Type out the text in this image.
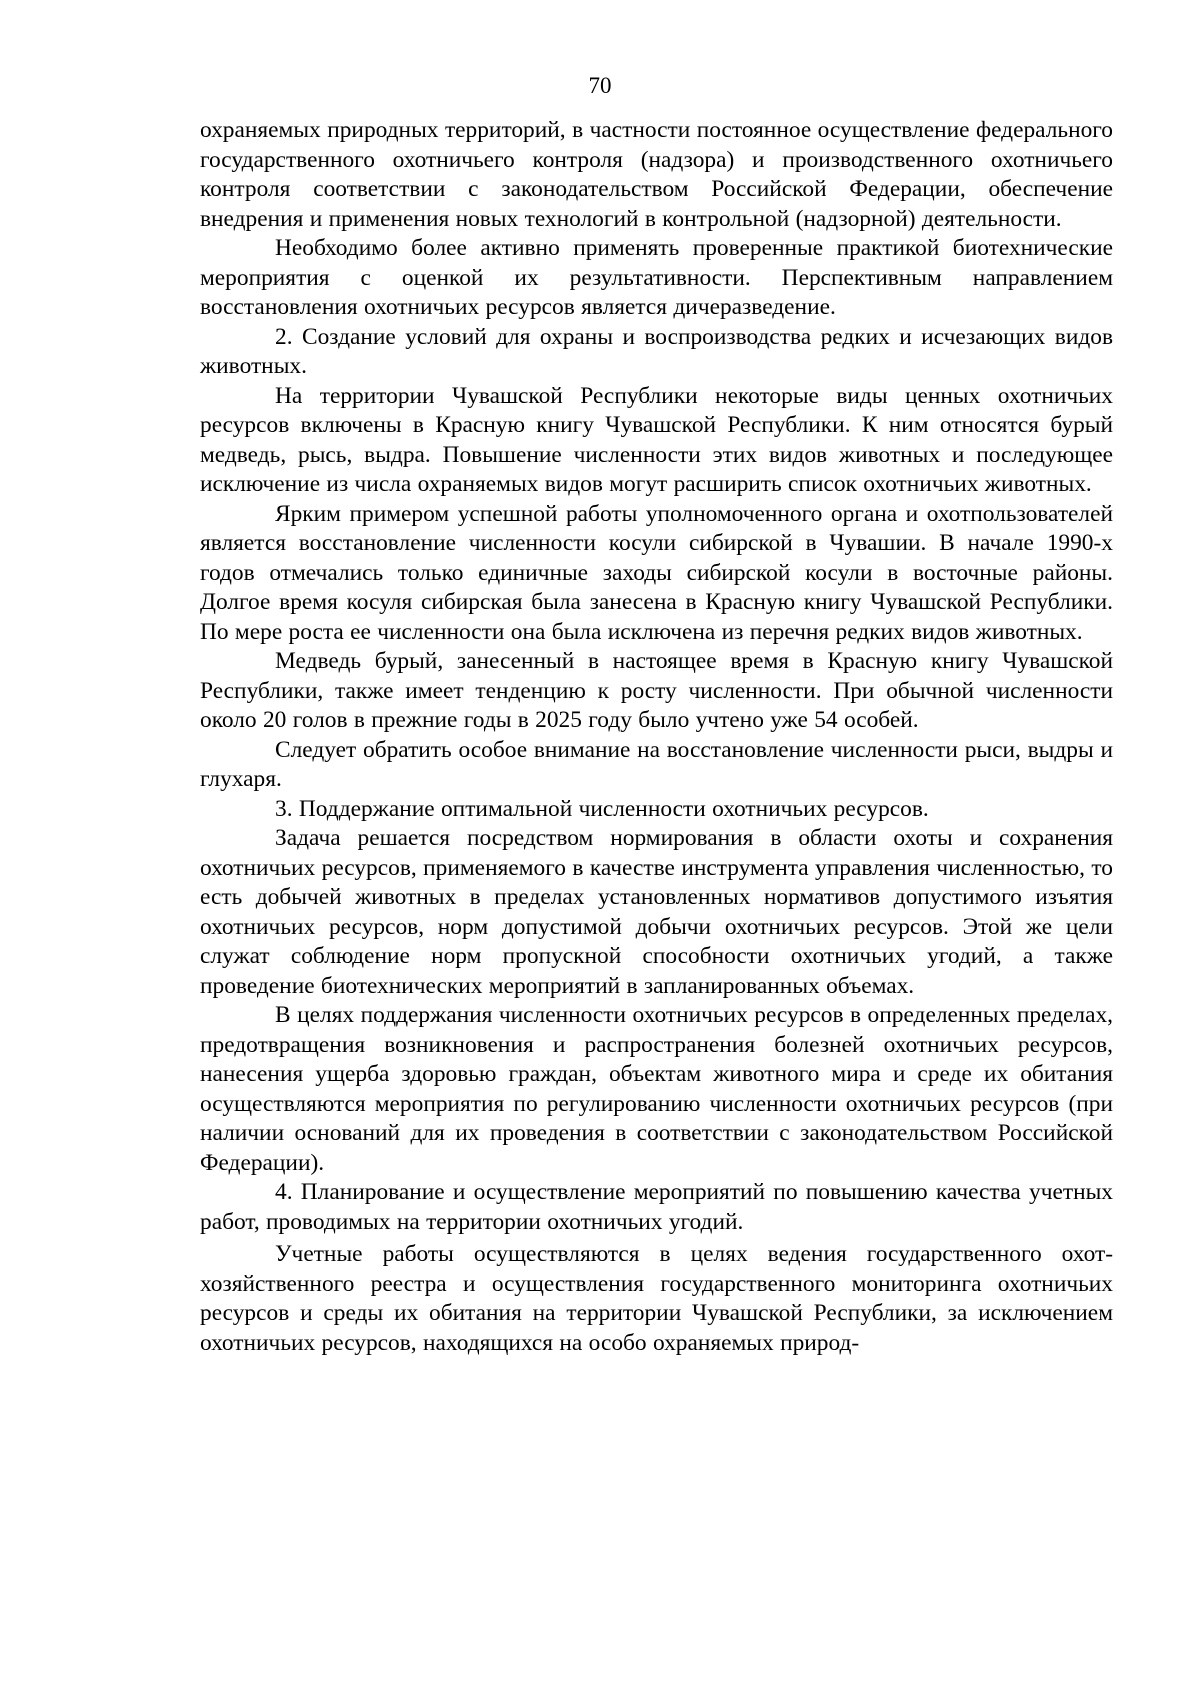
70

охраняемых природных территорий, в частности постоянное осуществление федерального государственного охотничьего контроля (надзора) и производственного охотничьего контроля соответствии с законодательством Российской Федерации, обеспечение внедрения и применения новых технологий в контрольной (надзорной) деятельности.

Необходимо более активно применять проверенные практикой биотехнические мероприятия с оценкой их результативности. Перспективным направлением восстановления охотничьих ресурсов является дичеразведение.

2. Создание условий для охраны и воспроизводства редких и исчезающих видов животных.

На территории Чувашской Республики некоторые виды ценных охотничьих ресурсов включены в Красную книгу Чувашской Республики. К ним относятся бурый медведь, рысь, выдра. Повышение численности этих видов животных и последующее исключение из числа охраняемых видов могут расширить список охотничьих животных.

Ярким примером успешной работы уполномоченного органа и охотпользователей является восстановление численности косули сибирской в Чувашии. В начале 1990-х годов отмечались только единичные заходы сибирской косули в восточные районы. Долгое время косуля сибирская была занесена в Красную книгу Чувашской Республики. По мере роста ее численности она была исключена из перечня редких видов животных.

Медведь бурый, занесенный в настоящее время в Красную книгу Чувашской Республики, также имеет тенденцию к росту численности. При обычной численности около 20 голов в прежние годы в 2025 году было учтено уже 54 особей.

Следует обратить особое внимание на восстановление численности рыси, выдры и глухаря.

3. Поддержание оптимальной численности охотничьих ресурсов.

Задача решается посредством нормирования в области охоты и сохранения охотничьих ресурсов, применяемого в качестве инструмента управления численностью, то есть добычей животных в пределах установленных нормативов допустимого изъятия охотничьих ресурсов, норм допустимой добычи охотничьих ресурсов. Этой же цели служат соблюдение норм пропускной способности охотничьих угодий, а также проведение биотехнических мероприятий в запланированных объемах.

В целях поддержания численности охотничьих ресурсов в определенных пределах, предотвращения возникновения и распространения болезней охотничьих ресурсов, нанесения ущерба здоровью граждан, объектам животного мира и среде их обитания осуществляются мероприятия по регулированию численности охотничьих ресурсов (при наличии оснований для их проведения в соответствии с законодательством Российской Федерации).

4. Планирование и осуществление мероприятий по повышению качества учетных работ, проводимых на территории охотничьих угодий.

Учетные работы осуществляются в целях ведения государственного охотхозяйственного реестра и осуществления государственного мониторинга охотничьих ресурсов и среды их обитания на территории Чувашской Республики, за исключением охотничьих ресурсов, находящихся на особо охраняемых природ-
